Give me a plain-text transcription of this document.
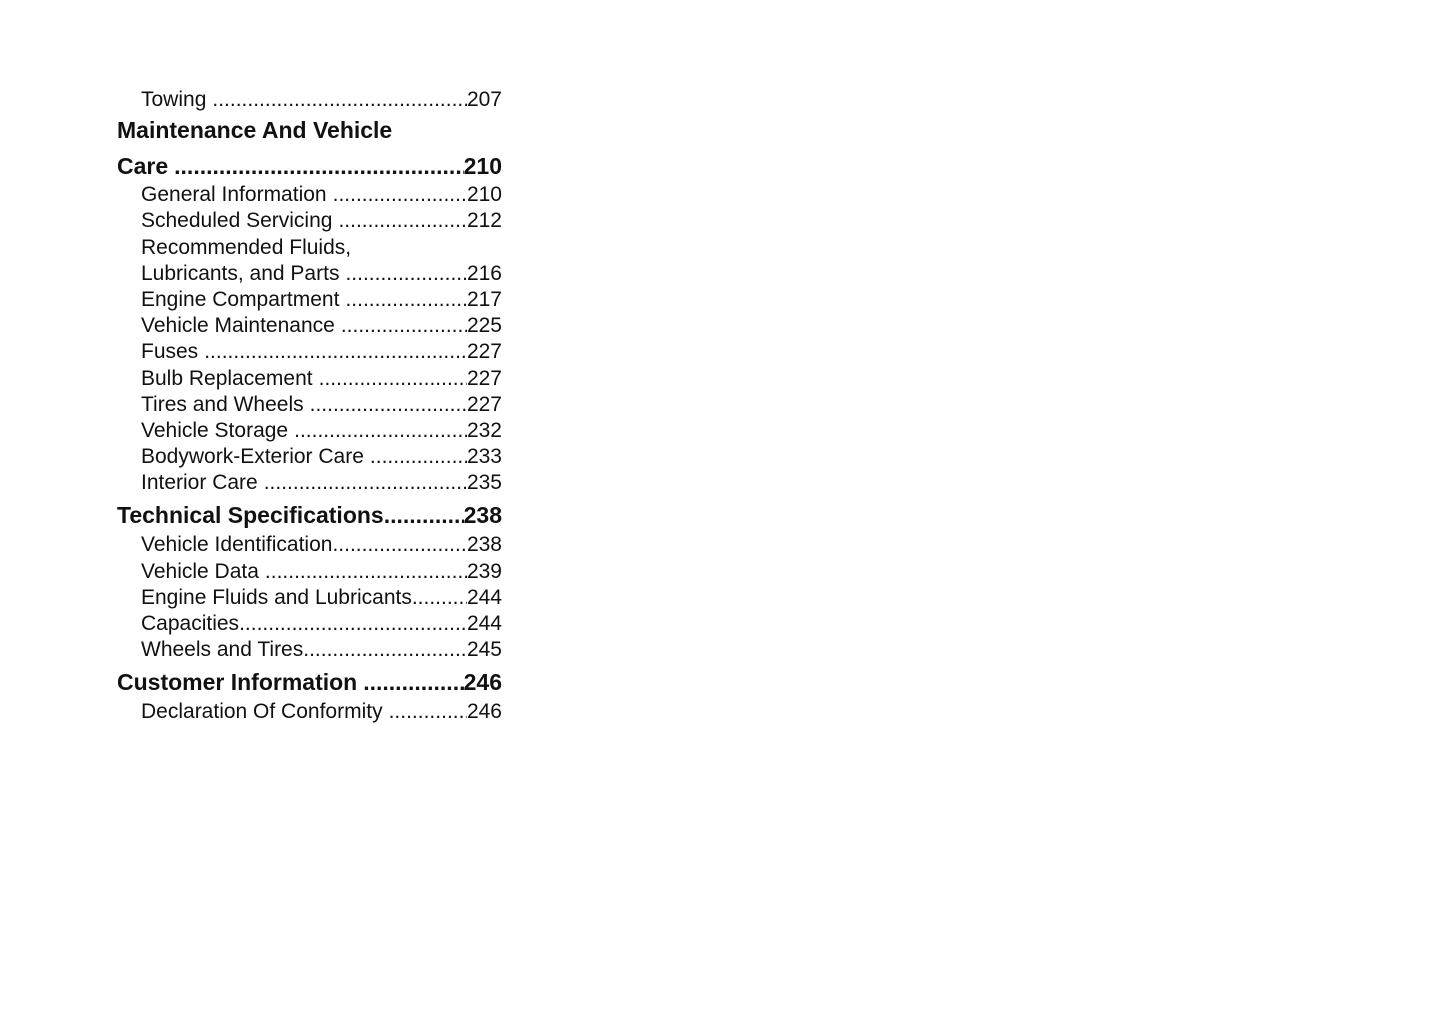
Towing .....	207
Maintenance And Vehicle
Care .....	210
General Information .....	210
Scheduled Servicing .....	212
Recommended Fluids,
Lubricants, and Parts .....	216
Engine Compartment .....	217
Vehicle Maintenance .....	225
Fuses .....	227
Bulb Replacement .....	227
Tires and Wheels .....	227
Vehicle Storage .....	232
Bodywork-Exterior Care .....	233
Interior Care .....	235
Technical Specifications .....	238
Vehicle Identification .....	238
Vehicle Data .....	239
Engine Fluids and Lubricants .....	244
Capacities .....	244
Wheels and Tires .....	245
Customer Information .....	246
Declaration Of Conformity .....	246
